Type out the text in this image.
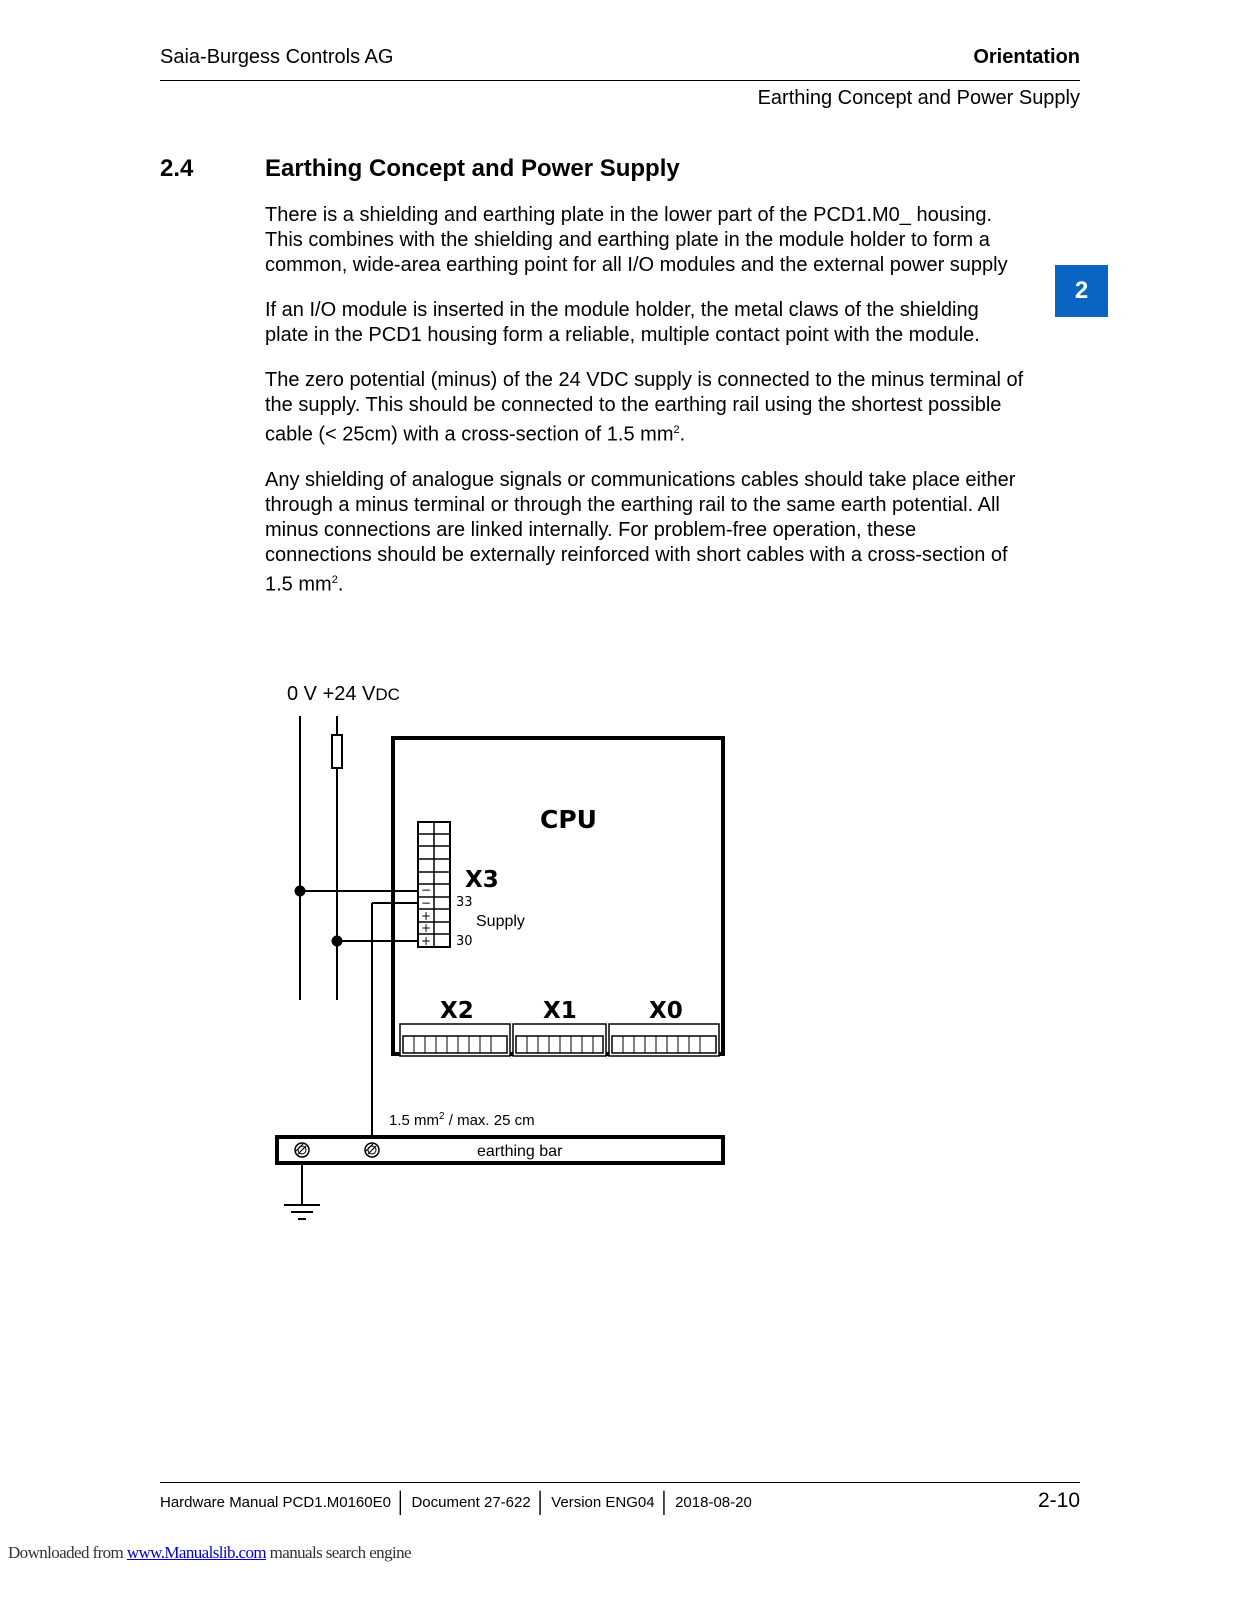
Saia-Burgess Controls AG	Orientation
Earthing Concept and Power Supply
2.4	Earthing Concept and Power Supply
2

There is a shielding and earthing plate in the lower part of the PCD1.M0_ housing. This combines with the shielding and earthing plate in the module holder to form a common, wide-area earthing point for all I/O modules and the external power supply

If an I/O module is inserted in the module holder, the metal claws of the shielding plate in the PCD1 housing form a reliable, multiple contact point with the module.

The zero potential (minus) of the 24 VDC supply is connected to the minus terminal of the supply. This should be connected to the earthing rail using the shortest possible cable (< 25cm) with a cross-section of 1.5 $mm^2$.

Any shielding of analogue signals or communications cables should take place either through a minus terminal or through the earthing rail to the same earth potential. All minus connections are linked internally. For problem-free operation, these connections should be externally reinforced with short cables with a cross-section of 1.5 $mm^2$.

0 V +24 VDC
CPU
−
−
+
+
+
X3
33
Supply
30
X2	X1	X0
1.5 $mm^2$ / max. 25 cm
earthing bar
Hardware Manual PCD1.M0160E0 │ Document 27-622 │ Version ENG04 │ 2018-08-20	2-10
Downloaded from www.Manualslib.com manuals search engine
